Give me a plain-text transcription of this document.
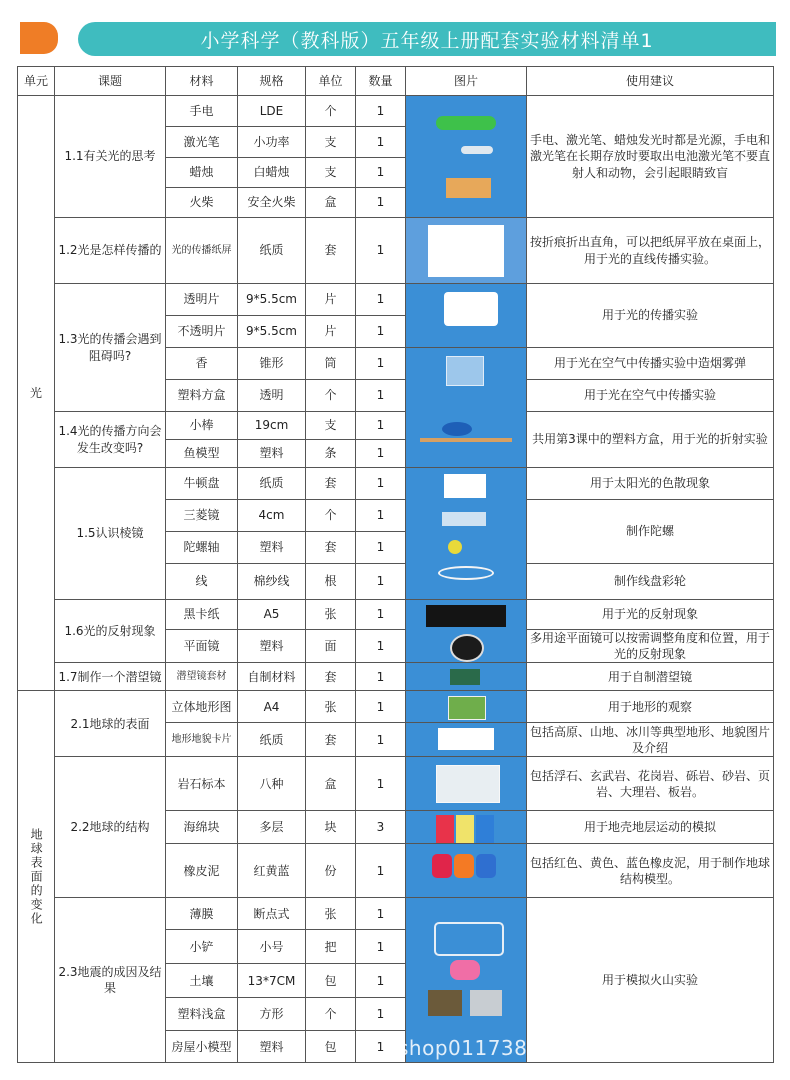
小学科学（教科版）五年级上册配套实验材料清单1
单元	课题	材料	规格	单位	数量	图片	使用建议
光	1.1有关光的思考	手电	LDE	个	1		手电、激光笔、蜡烛发光时都是光源，手电和激光笔在长期存放时要取出电池激光笔不要直射人和动物，会引起眼睛致盲
		激光笔	小功率	支	1		
		蜡烛	白蜡烛	支	1		
		火柴	安全火柴	盒	1		
	1.2光是怎样传播的	光的传播纸屏	纸质	套	1		按折痕折出直角，可以把纸屏平放在桌面上，用于光的直线传播实验。
	1.3光的传播会遇到阻碍吗?	透明片	9*5.5cm	片	1		用于光的传播实验
		不透明片	9*5.5cm	片	1		
		香	锥形	筒	1		用于光在空气中传播实验中造烟雾弹
		塑料方盒	透明	个	1		用于光在空气中传播实验
	1.4光的传播方向会发生改变吗?	小棒	19cm	支	1		共用第3课中的塑料方盒，用于光的折射实验
		鱼模型	塑料	条	1		
	1.5认识棱镜	牛顿盘	纸质	套	1		用于太阳光的色散现象
		三菱镜	4cm	个	1		制作陀螺
		陀螺轴	塑料	套	1		
		线	棉纱线	根	1		制作线盘彩轮
	1.6光的反射现象	黑卡纸	A5	张	1		用于光的反射现象
		平面镜	塑料	面	1		多用途平面镜可以按需调整角度和位置，用于光的反射现象
	1.7制作一个潜望镜	潜望镜套材	自制材料	套	1		用于自制潜望镜

地球表面的变化	2.1地球的表面	立体地形图	A4	张	1		用于地形的观察
		地形地貌卡片	纸质	套	1		包括高原、山地、冰川等典型地形、地貌图片及介绍
	2.2地球的结构	岩石标本	八种	盒	1		包括浮石、玄武岩、花岗岩、砾岩、砂岩、页岩、大理岩、板岩。
		海绵块	多层	块	3		用于地壳地层运动的模拟
		橡皮泥	红黄蓝	份	1		包括红色、黄色、蓝色橡皮泥，用于制作地球结构模型。
	2.3地震的成因及结果	薄膜	断点式	张	1		用于模拟火山实验
		小铲	小号	把	1		
		土壤	13*7CM	包	1		
		塑料浅盒	方形	个	1		
		房屋小模型	塑料	包	1		shop011738779y2i6.1688.com
